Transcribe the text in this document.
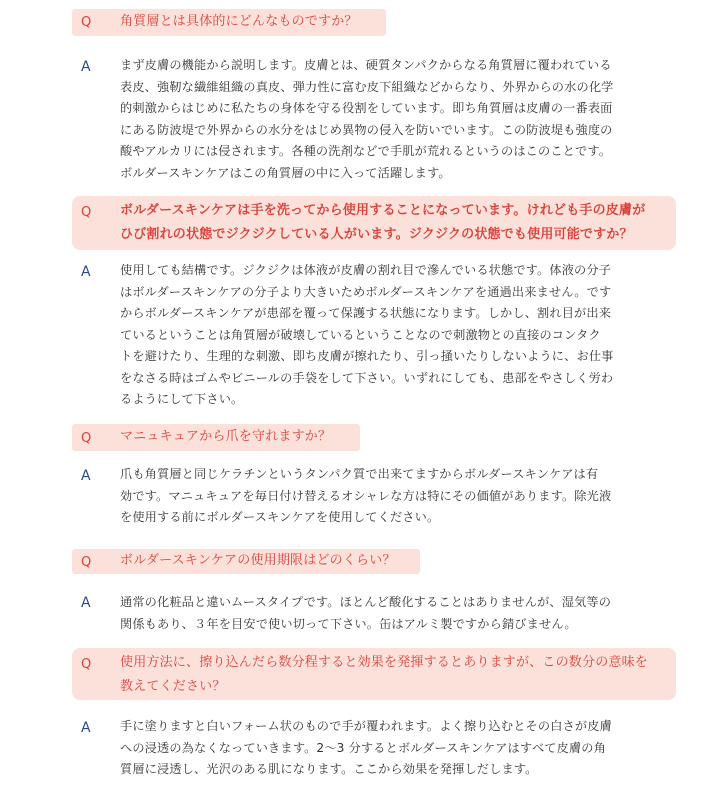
Q 角質層とは具体的にどんなものですか？
A まず皮膚の機能から説明します。皮膚とは、硬質タンパクからなる角質層に覆われている
表皮、強靭な繊維組織の真皮、弾力性に富む皮下組織などからなり、外界からの水の化学
的刺激からはじめに私たちの身体を守る役割をしています。即ち角質層は皮膚の一番表面
にある防波堤で外界からの水分をはじめ異物の侵入を防いでいます。この防波堤も強度の
酸やアルカリには侵されます。各種の洗剤などで手肌が荒れるというのはこのことです。
ボルダースキンケアはこの角質層の中に入って活躍します。
Q ボルダースキンケアは手を洗ってから使用することになっています。けれども手の皮膚が
ひび割れの状態でジクジクしている人がいます。ジクジクの状態でも使用可能ですか？
A 使用しても結構です。ジクジクは体液が皮膚の割れ目で滲んでいる状態です。体液の分子
はボルダースキンケアの分子より大きいためボルダースキンケアを通過出来ません。です
からボルダースキンケアが患部を覆って保護する状態になります。しかし、割れ目が出来
ているということは角質層が破壊しているということなので刺激物との直接のコンタク
トを避けたり、生理的な刺激、即ち皮膚が擦れたり、引っ掻いたりしないように、お仕事
をなさる時はゴムやビニールの手袋をして下さい。いずれにしても、患部をやさしく労わ
るようにして下さい。
Q マニュキュアから爪を守れますか？
A 爪も角質層と同じケラチンというタンパク質で出来てますからボルダースキンケアは有
効です。マニュキュアを毎日付け替えるオシャレな方は特にその価値があります。除光液
を使用する前にボルダースキンケアを使用してください。
Q ボルダースキンケアの使用期限はどのくらい？
A 通常の化粧品と違いムースタイプです。ほとんど酸化することはありませんが、湿気等の
関係もあり、３年を目安で使い切って下さい。缶はアルミ製ですから錆びません。
Q 使用方法に、擦り込んだら数分程すると効果を発揮するとありますが、この数分の意味を
教えてください？
A 手に塗りますと白いフォーム状のもので手が覆われます。よく擦り込むとその白さが皮膚
への浸透の為なくなっていきます。2～3 分するとボルダースキンケアはすべて皮膚の角
質層に浸透し、光沢のある肌になります。ここから効果を発揮しだします。
